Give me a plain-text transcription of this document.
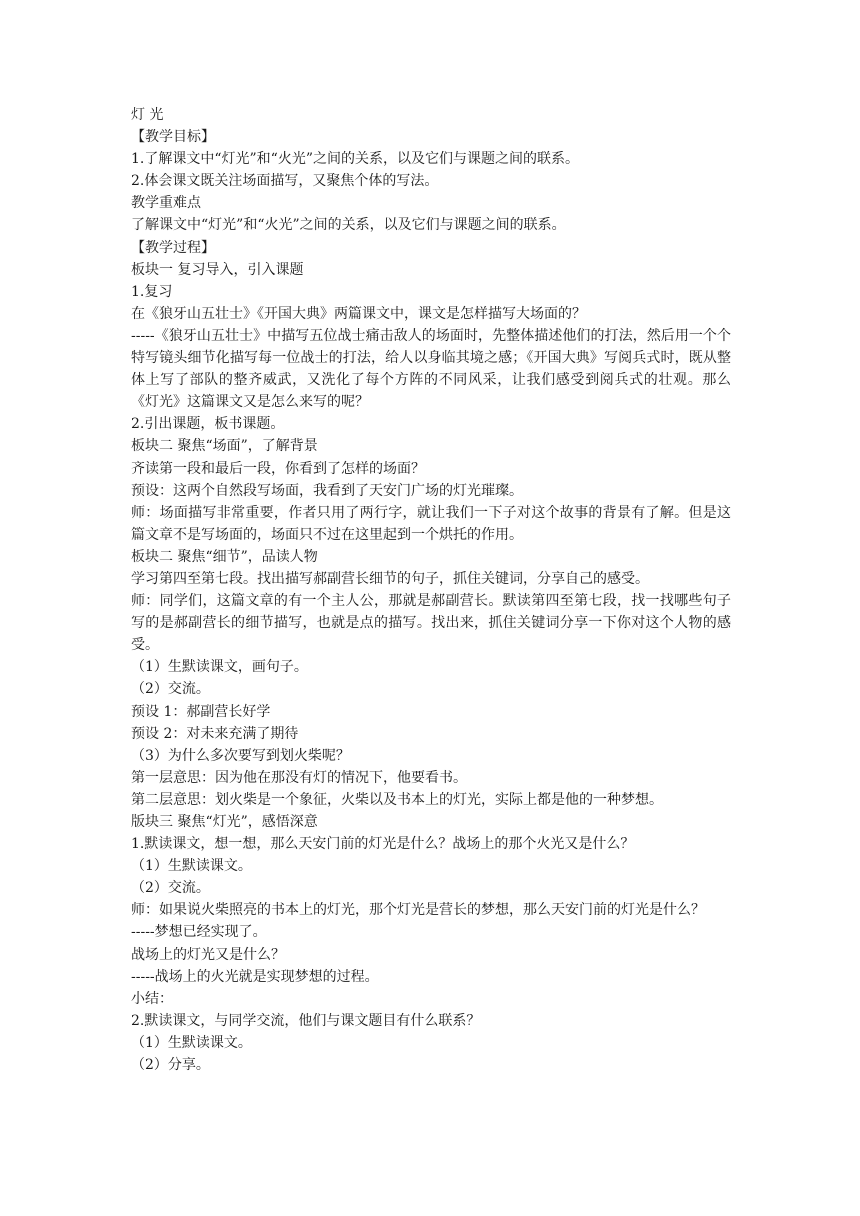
灯 光

【教学目标】

1.了解课文中“灯光”和“火光”之间的关系，以及它们与课题之间的联系。

2.体会课文既关注场面描写，又聚焦个体的写法。

教学重难点

了解课文中“灯光”和“火光”之间的关系，以及它们与课题之间的联系。

【教学过程】

板块一 复习导入，引入课题

1.复习

在《狼牙山五壮士》《开国大典》两篇课文中，课文是怎样描写大场面的？

-----《狼牙山五壮士》中描写五位战士痛击敌人的场面时，先整体描述他们的打法，然后用一个个特写镜头细节化描写每一位战士的打法，给人以身临其境之感；《开国大典》写阅兵式时，既从整体上写了部队的整齐威武，又洗化了每个方阵的不同风采，让我们感受到阅兵式的壮观。那么《灯光》这篇课文又是怎么来写的呢？

2.引出课题，板书课题。

板块二 聚焦“场面”，了解背景

齐读第一段和最后一段，你看到了怎样的场面？

预设：这两个自然段写场面，我看到了天安门广场的灯光璀璨。

师：场面描写非常重要，作者只用了两行字，就让我们一下子对这个故事的背景有了解。但是这篇文章不是写场面的，场面只不过在这里起到一个烘托的作用。

板块二 聚焦“细节”，品读人物

学习第四至第七段。找出描写郝副营长细节的句子，抓住关键词，分享自己的感受。

师：同学们，这篇文章的有一个主人公，那就是郝副营长。默读第四至第七段，找一找哪些句子写的是郝副营长的细节描写，也就是点的描写。找出来，抓住关键词分享一下你对这个人物的感受。

（1）生默读课文，画句子。

（2）交流。

预设 1：郝副营长好学

预设 2：对未来充满了期待

（3）为什么多次要写到划火柴呢？

第一层意思：因为他在那没有灯的情况下，他要看书。

第二层意思：划火柴是一个象征，火柴以及书本上的灯光，实际上都是他的一种梦想。

版块三 聚焦“灯光”，感悟深意

1.默读课文，想一想，那么天安门前的灯光是什么？战场上的那个火光又是什么？

（1）生默读课文。

（2）交流。

师：如果说火柴照亮的书本上的灯光，那个灯光是营长的梦想，那么天安门前的灯光是什么？

-----梦想已经实现了。

战场上的灯光又是什么？

-----战场上的火光就是实现梦想的过程。

小结：

2.默读课文，与同学交流，他们与课文题目有什么联系？

（1）生默读课文。

（2）分享。
